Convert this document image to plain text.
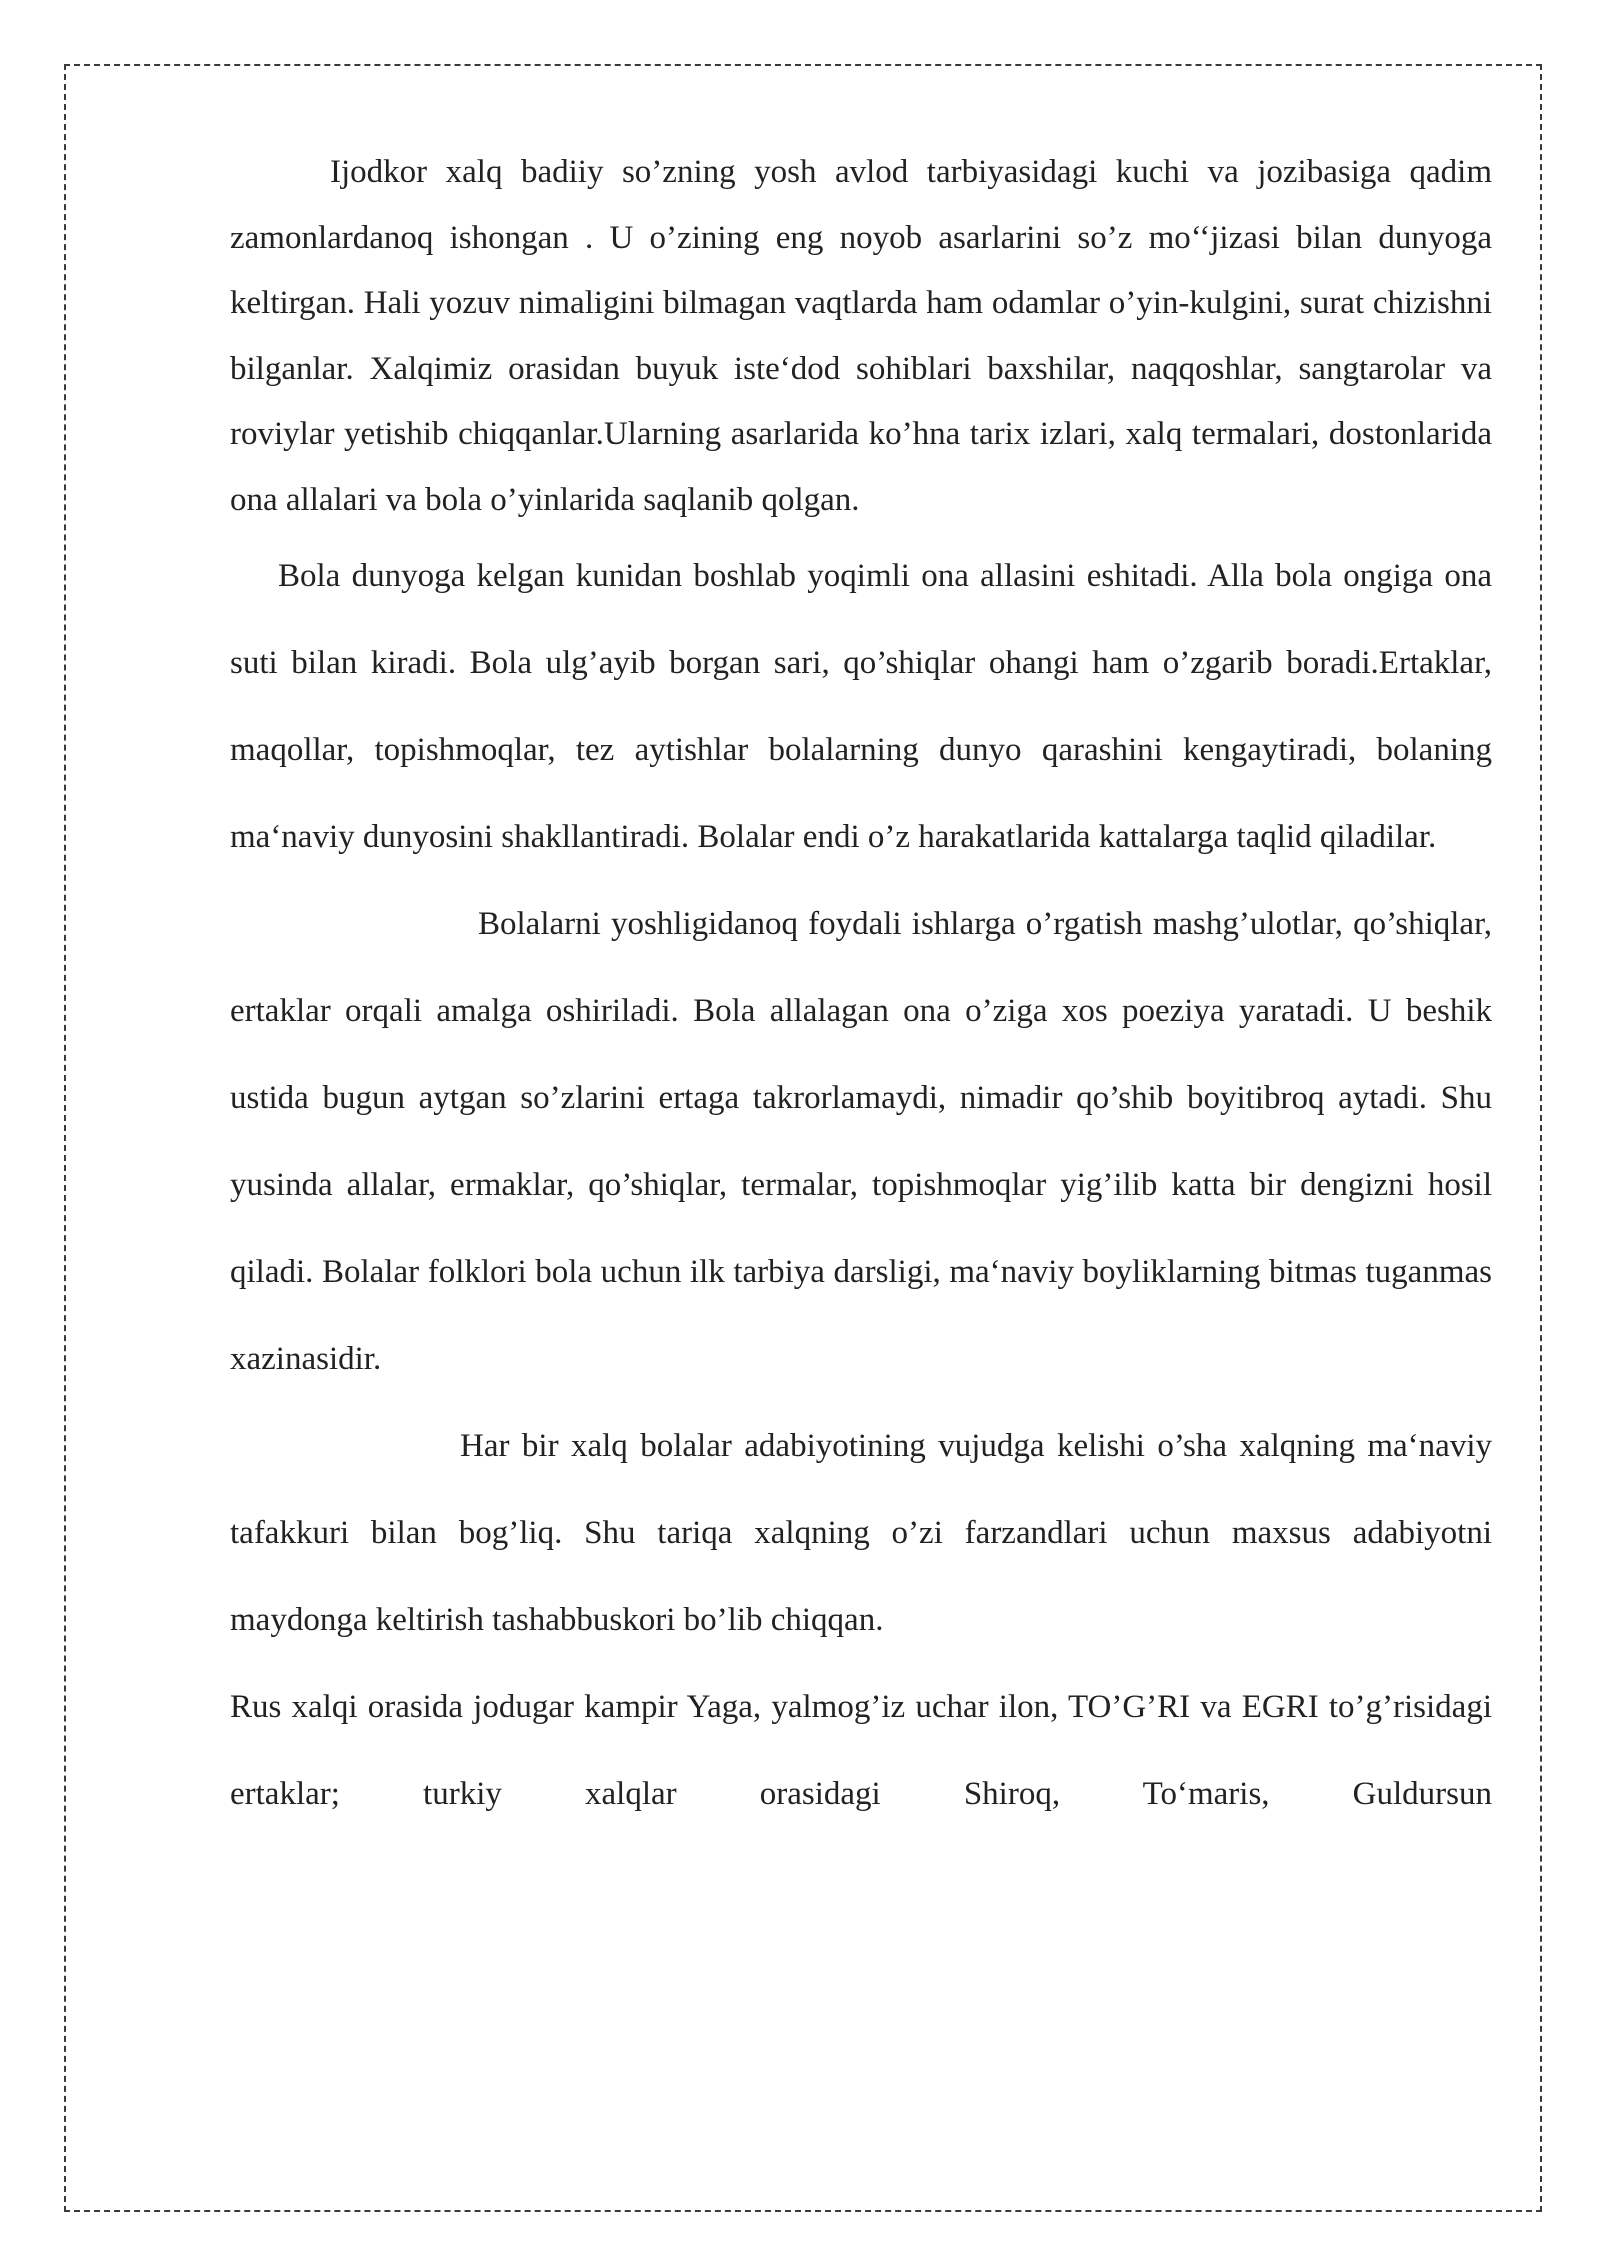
Ijodkor xalq badiiy so’zning yosh avlod tarbiyasidagi kuchi va jozibasiga qadim zamonlardanoq ishongan . U o’zining eng noyob asarlarini so’z mo‘‘jizasi bilan dunyoga keltirgan. Hali yozuv nimaligini bilmagan vaqtlarda ham odamlar o’yin-kulgini, surat chizishni bilganlar. Xalqimiz orasidan buyuk iste‘dod sohiblari baxshilar, naqqoshlar, sangtarolar va roviylar yetishib chiqqanlar.Ularning asarlarida ko’hna tarix izlari, xalq termalari, dostonlarida ona allalari va bola o’yinlarida saqlanib qolgan.

Bola dunyoga kelgan kunidan boshlab yoqimli ona allasini eshitadi. Alla bola ongiga ona suti bilan kiradi. Bola ulg’ayib borgan sari, qo’shiqlar ohangi ham o’zgarib boradi.Ertaklar, maqollar, topishmoqlar, tez aytishlar bolalarning dunyo qarashini kengaytiradi, bolaning ma‘naviy dunyosini shakllantiradi. Bolalar endi o’z harakatlarida kattalarga taqlid qiladilar.

Bolalarni yoshligidanoq foydali ishlarga o’rgatish mashg’ulotlar, qo’shiqlar, ertaklar orqali amalga oshiriladi. Bola allalagan ona o’ziga xos poeziya yaratadi. U beshik ustida bugun aytgan so’zlarini ertaga takrorlamaydi, nimadir qo’shib boyitibroq aytadi. Shu yusinda allalar, ermaklar, qo’shiqlar, termalar, topishmoqlar yig’ilib katta bir dengizni hosil qiladi. Bolalar folklori bola uchun ilk tarbiya darsligi, ma‘naviy boyliklarning bitmas tuganmas xazinasidir.

Har bir xalq bolalar adabiyotining vujudga kelishi o’sha xalqning ma‘naviy tafakkuri bilan bog’liq. Shu tariqa xalqning o’zi farzandlari uchun maxsus adabiyotni maydonga keltirish tashabbuskori bo’lib chiqqan.

Rus xalqi orasida jodugar kampir Yaga, yalmog’iz uchar ilon, TO’G’RI va EGRI to’g’risidagi ertaklar; turkiy xalqlar orasidagi Shiroq, To‘maris, Guldursun
